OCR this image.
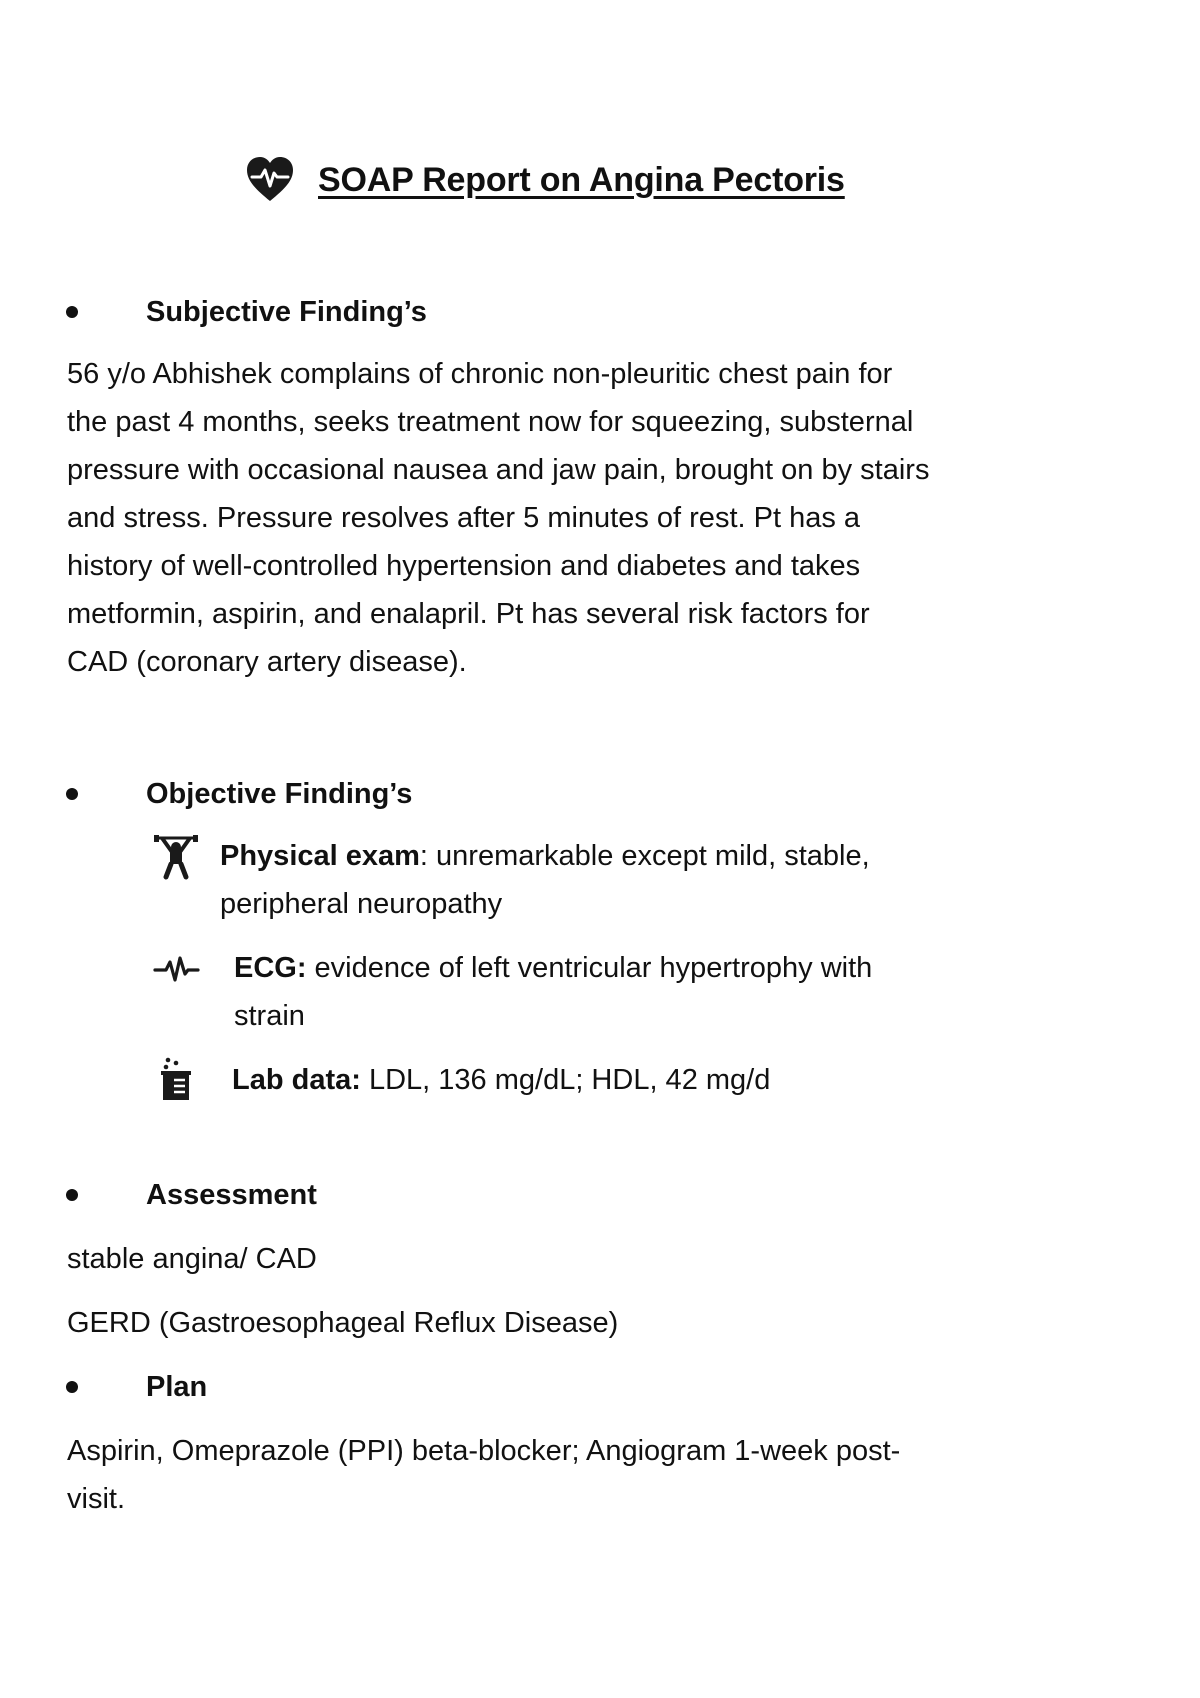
SOAP Report on Angina Pectoris
Subjective Finding’s
56 y/o Abhishek complains of chronic non-pleuritic chest pain for
the past 4 months, seeks treatment now for squeezing, substernal
pressure with occasional nausea and jaw pain, brought on by stairs
and stress. Pressure resolves after 5 minutes of rest. Pt has a
history of well-controlled hypertension and diabetes and takes
metformin, aspirin, and enalapril. Pt has several risk factors for
CAD (coronary artery disease).
Objective Finding’s
Physical exam: unremarkable except mild, stable,
peripheral neuropathy
ECG: evidence of left ventricular hypertrophy with
strain
Lab data: LDL, 136 mg/dL; HDL, 42 mg/d
Assessment
stable angina/ CAD
GERD (Gastroesophageal Reflux Disease)
Plan
Aspirin, Omeprazole (PPI) beta-blocker; Angiogram 1-week post-
visit.
